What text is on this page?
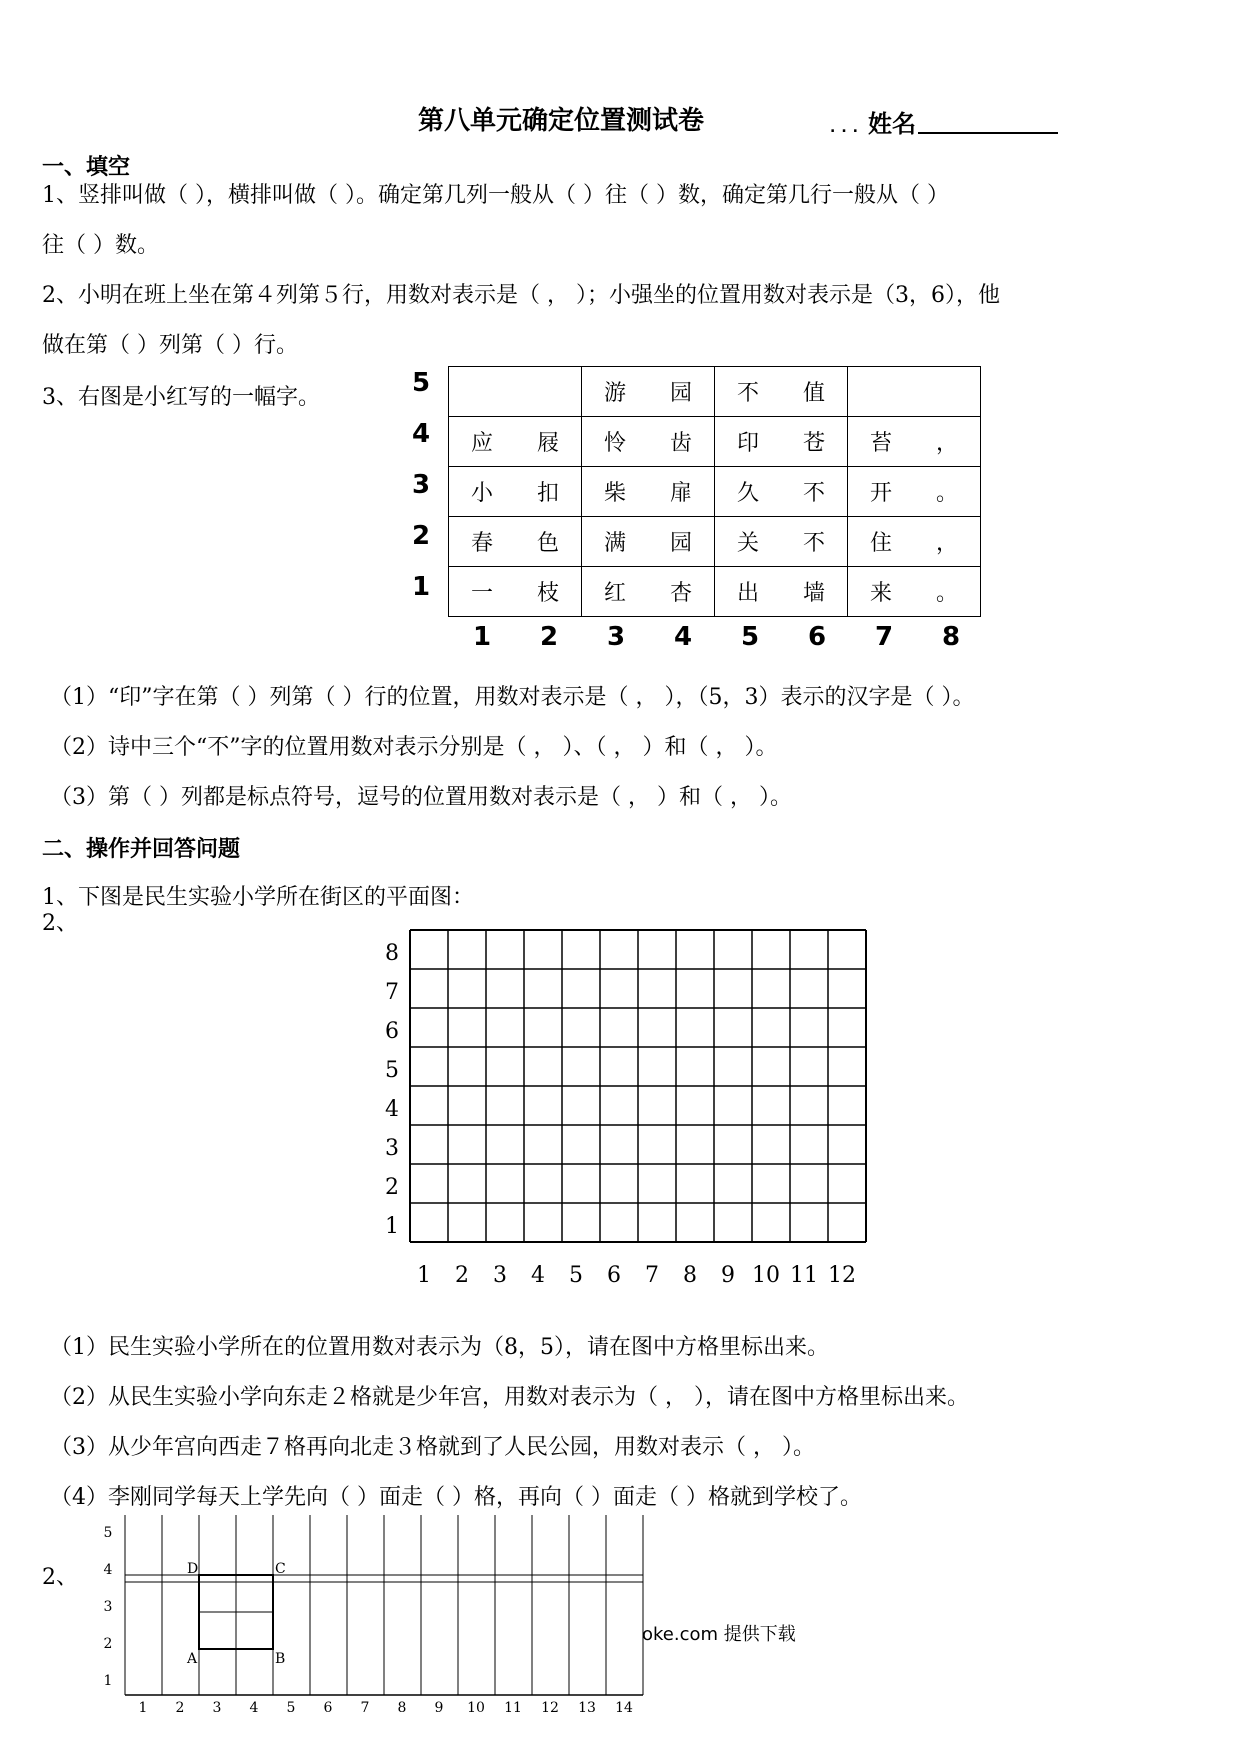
第八单元确定位置测试卷	... 姓名
一、填空
1、竖排叫做（ ），横排叫做（ ）。确定第几列一般从（ ）往（ ）数，确定第几行一般从（ ）
往（ ）数。
2、小明在班上坐在第４列第５行，用数对表示是（ ， ）；小强坐的位置用数对表示是（3，6），他
做在第（ ）列第（ ）行。
3、右图是小红写的一幅字。	5
4
3
2
1
1	2	3	4	5	6	7	8
	游 园	不 值	
应 屐	怜 齿	印 苍	苔 ，
小 扣	柴 扉	久 不	开 。
春 色	满 园	关 不	住 ，
一 枝	红 杏	出 墙	来 。
（1）“印”字在第（ ）列第（ ）行的位置，用数对表示是（ ， ），（5，3）表示的汉字是（ ）。
（2）诗中三个“不”字的位置用数对表示分别是（ ， ）、（ ， ）和（ ， ）。
（3）第（ ）列都是标点符号，逗号的位置用数对表示是（ ， ）和（ ， ）。
二、操作并回答问题
1、下图是民生实验小学所在街区的平面图：
2、
8
7
6
5
4
3
2
1
1 2 3 4 5 6 7 8 9 10 11 12
（1）民生实验小学所在的位置用数对表示为（8，5），请在图中方格里标出来。
（2）从民生实验小学向东走２格就是少年宫，用数对表示为（ ， ），请在图中方格里标出来。
（3）从少年宫向西走７格再向北走３格就到了人民公园，用数对表示（ ， ）。
（4）李刚同学每天上学先向（ ）面走（ ）格，再向（ ）面走（ ）格就到学校了。
2、
5
4
3
2
1
1 2 3 4 5 6 7 8 9 10 11 12 13 14
D	C
A	B
oke.com 提供下载
